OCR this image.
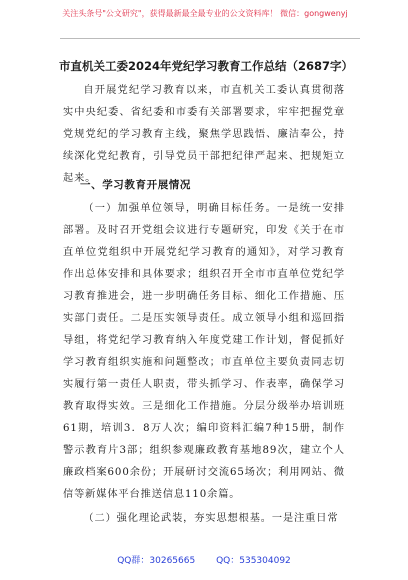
关注头条号"公文研究"，获得最新最全最专业的公文资料库！ 微信：gongwenyj
市直机关工委2024年党纪学习教育工作总结（2687字）
自开展党纪学习教育以来，市直机关工委认真贯彻落实中央纪委、省纪委和市委有关部署要求，牢牢把握党章党规党纪的学习教育主线，聚焦学思践悟、廉洁奉公，持续深化党纪教育，引导党员干部把纪律严起来、把规矩立起来。
一、学习教育开展情况
（一）加强单位领导，明确目标任务。一是统一安排部署。及时召开党组会议进行专题研究，印发《关于在市直单位党组织中开展党纪学习教育的通知》，对学习教育作出总体安排和具体要求；组织召开全市市直单位党纪学习教育推进会，进一步明确任务目标、细化工作措施、压实部门责任。二是压实领导责任。成立领导小组和巡回指导组，将党纪学习教育纳入年度党建工作计划，督促抓好学习教育组织实施和问题整改；市直单位主要负责同志切实履行第一责任人职责，带头抓学习、作表率，确保学习教育取得实效。三是细化工作措施。分层分级举办培训班61期，培训3．8万人次；编印资料汇编7种15册，制作警示教育片3部；组织参观廉政教育基地89次，建立个人廉政档案600余份；开展研讨交流65场次；利用网站、微信等新媒体平台推送信息110余篇。
（二）强化理论武装，夯实思想根基。一是注重日常
QQ群：30265665 QQ：535304092
